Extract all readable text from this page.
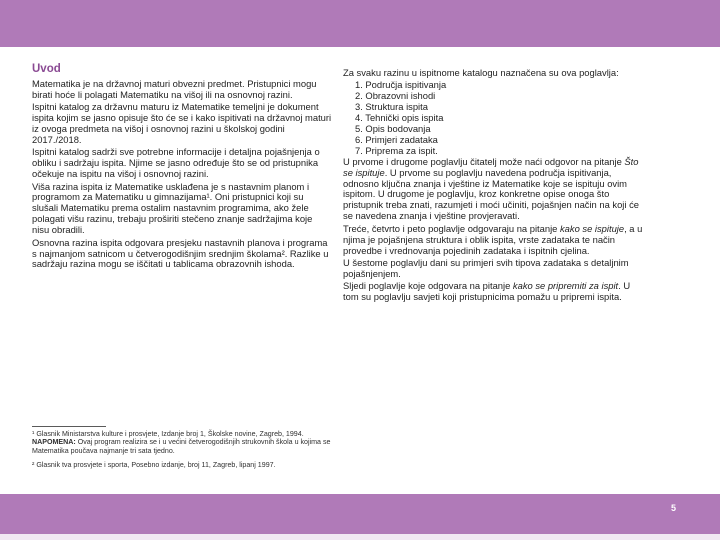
Uvod

Matematika je na državnoj maturi obvezni predmet. Pristupnici mogu birati hoće li polagati Matematiku na višoj ili na osnovnoj razini.

Ispitni katalog za državnu maturu iz Matematike temeljni je dokument ispita kojim se jasno opisuje što će se i kako ispitivati na državnoj maturi iz ovoga predmeta na višoj i osnovnoj razini u školskoj godini 2017./2018.

Ispitni katalog sadrži sve potrebne informacije i detaljna pojašnjenja o obliku i sadržaju ispita. Njime se jasno određuje što se od pristupnika očekuje na ispitu na višoj i osnovnoj razini.

Viša razina ispita iz Matematike usklađena je s nastavnim planom i programom za Matematiku u gimnazijama¹. Oni pristupnici koji su slušali Matematiku prema ostalim nastavnim programima, ako žele polagati višu razinu, trebaju proširiti stečeno znanje sadržajima koje nisu obradili.

Osnovna razina ispita odgovara presjeku nastavnih planova i programa s najmanjom satnicom u četverogodišnjim srednjim školama². Razlike u sadržaju razina mogu se iščitati u tablicama obrazovnih ishoda.

¹ Glasnik Ministarstva kulture i prosvjete, Izdanje broj 1, Školske novine, Zagreb, 1994. NAPOMENA: Ovaj program realizira se i u većini četverogodišnjih strukovnih škola u kojima se Matematika poučava najmanje tri sata tjedno.

² Glasnik tva prosvjete i sporta, Posebno izdanje, broj 11, Zagreb, lipanj 1997.

Za svaku razinu u ispitnome katalogu naznačena su ova poglavlja:

1. Područja ispitivanja
2. Obrazovni ishodi
3. Struktura ispita
4. Tehnički opis ispita
5. Opis bodovanja
6. Primjeri zadataka
7. Priprema za ispit.

U prvome i drugome poglavlju čitatelj može naći odgovor na pitanje Što se ispituje. U prvome su poglavlju navedena područja ispitivanja, odnosno ključna znanja i vještine iz Matematike koje se ispituju ovim ispitom. U drugome je poglavlju, kroz konkretne opise onoga što pristupnik treba znati, razumjeti i moći učiniti, pojašnjen način na koji će se navedena znanja i vještine provjeravati.

Treće, četvrto i peto poglavlje odgovaraju na pitanje kako se ispituje, a u njima je pojašnjena struktura i oblik ispita, vrste zadataka te način provedbe i vrednovanja pojedinih zadataka i ispitnih cjelina.

U šestome poglavlju dani su primjeri svih tipova zadataka s detaljnim pojašnjenjem.

Sljedi poglavlje koje odgovara na pitanje kako se pripremiti za ispit. U tom su poglavlju savjeti koji pristupnicima pomažu u pripremi ispita.

5
